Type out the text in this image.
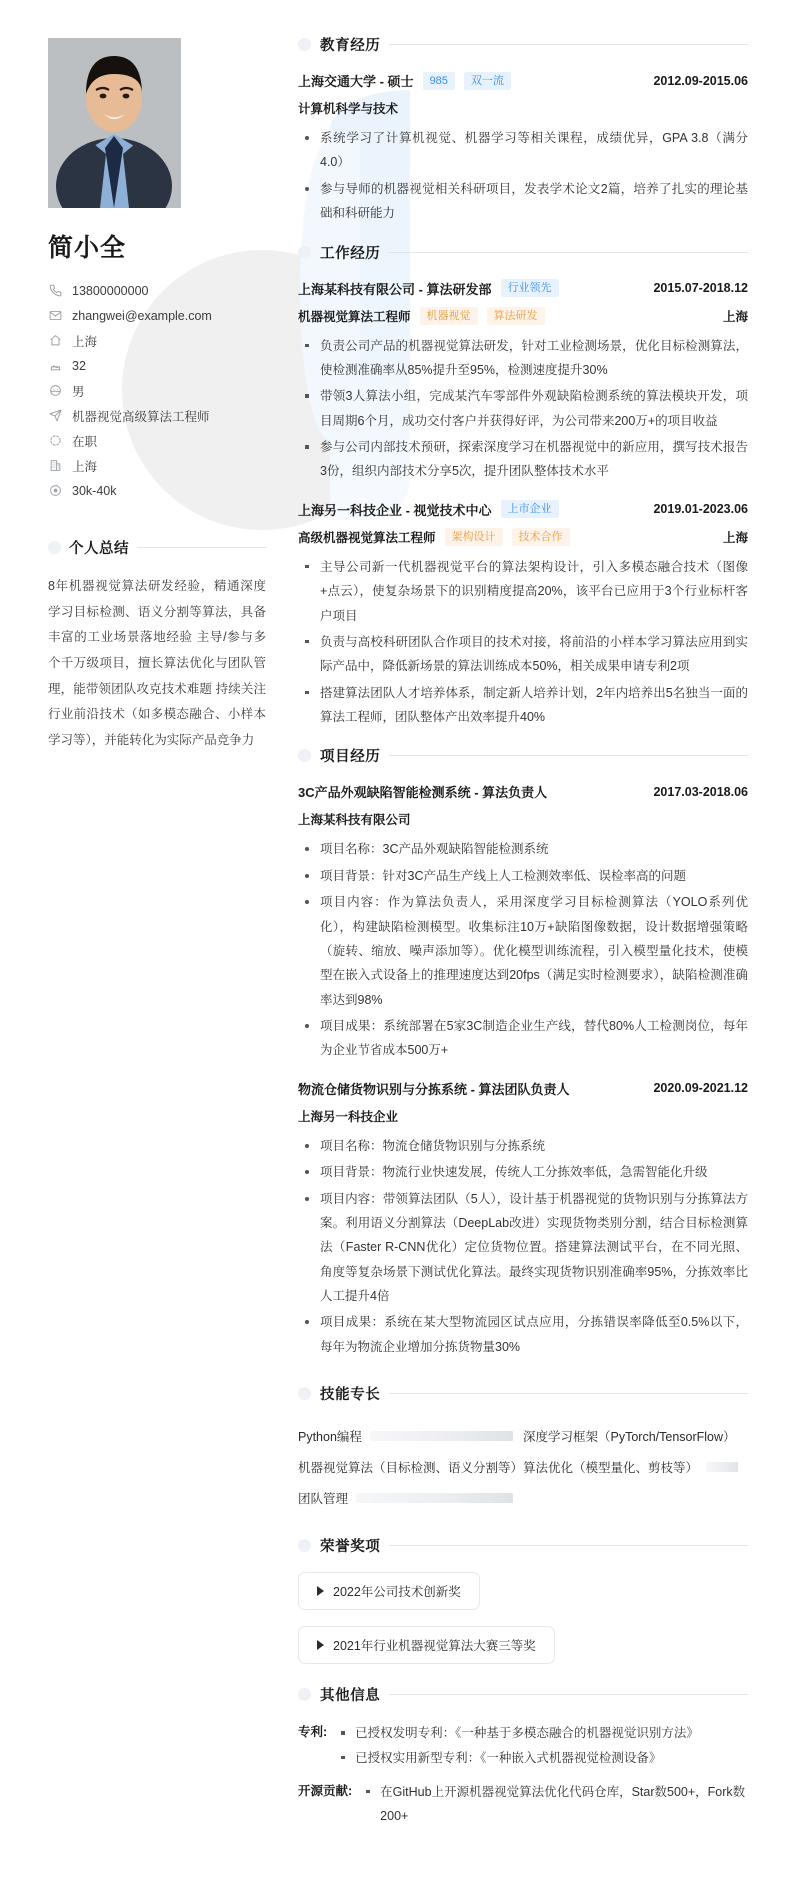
简小全
13800000000
zhangwei@example.com
上海
32
男
机器视觉高级算法工程师
在职
上海
30k-40k
个人总结

8年机器视觉算法研发经验，精通深度学习目标检测、语义分割等算法，具备丰富的工业场景落地经验 主导/参与多个千万级项目，擅长算法优化与团队管理，能带领团队攻克技术难题 持续关注行业前沿技术（如多模态融合、小样本学习等），并能转化为实际产品竞争力

教育经历
上海交通大学 - 硕士	985	双一流	2012.09-2015.06
计算机科学与技术
系统学习了计算机视觉、机器学习等相关课程，成绩优异，GPA 3.8（满分4.0）
参与导师的机器视觉相关科研项目，发表学术论文2篇，培养了扎实的理论基础和科研能力
工作经历
上海某科技有限公司 - 算法研发部	行业领先	2015.07-2018.12
机器视觉算法工程师	机器视觉	算法研发	上海
负责公司产品的机器视觉算法研发，针对工业检测场景，优化目标检测算法，使检测准确率从85%提升至95%，检测速度提升30%
带领3人算法小组，完成某汽车零部件外观缺陷检测系统的算法模块开发，项目周期6个月，成功交付客户并获得好评，为公司带来200万+的项目收益
参与公司内部技术预研，探索深度学习在机器视觉中的新应用，撰写技术报告3份，组织内部技术分享5次，提升团队整体技术水平
上海另一科技企业 - 视觉技术中心	上市企业	2019.01-2023.06
高级机器视觉算法工程师	架构设计	技术合作	上海
主导公司新一代机器视觉平台的算法架构设计，引入多模态融合技术（图像+点云），使复杂场景下的识别精度提高20%，该平台已应用于3个行业标杆客户项目
负责与高校科研团队合作项目的技术对接，将前沿的小样本学习算法应用到实际产品中，降低新场景的算法训练成本50%，相关成果申请专利2项
搭建算法团队人才培养体系，制定新人培养计划，2年内培养出5名独当一面的算法工程师，团队整体产出效率提升40%
项目经历
3C产品外观缺陷智能检测系统 - 算法负责人	2017.03-2018.06
上海某科技有限公司
项目名称：3C产品外观缺陷智能检测系统
项目背景：针对3C产品生产线上人工检测效率低、误检率高的问题
项目内容：作为算法负责人，采用深度学习目标检测算法（YOLO系列优化），构建缺陷检测模型。收集标注10万+缺陷图像数据，设计数据增强策略（旋转、缩放、噪声添加等）。优化模型训练流程，引入模型量化技术，使模型在嵌入式设备上的推理速度达到20fps（满足实时检测要求），缺陷检测准确率达到98%
项目成果：系统部署在5家3C制造企业生产线，替代80%人工检测岗位，每年为企业节省成本500万+
物流仓储货物识别与分拣系统 - 算法团队负责人	2020.09-2021.12
上海另一科技企业
项目名称：物流仓储货物识别与分拣系统
项目背景：物流行业快速发展，传统人工分拣效率低，急需智能化升级
项目内容：带领算法团队（5人），设计基于机器视觉的货物识别与分拣算法方案。利用语义分割算法（DeepLab改进）实现货物类别分割，结合目标检测算法（Faster R-CNN优化）定位货物位置。搭建算法测试平台，在不同光照、角度等复杂场景下测试优化算法。最终实现货物识别准确率95%，分拣效率比人工提升4倍
项目成果：系统在某大型物流园区试点应用，分拣错误率降低至0.5%以下，每年为物流企业增加分拣货物量30%
技能专长
Python编程	深度学习框架（PyTorch/TensorFlow）
机器视觉算法（目标检测、语义分割等） 算法优化（模型量化、剪枝等）
团队管理
荣誉奖项
2022年公司技术创新奖
2021年行业机器视觉算法大赛三等奖
其他信息
专利:	已授权发明专利：《一种基于多模态融合的机器视觉识别方法》
已授权实用新型专利：《一种嵌入式机器视觉检测设备》
开源贡献:	在GitHub上开源机器视觉算法优化代码仓库，Star数500+，Fork数200+
